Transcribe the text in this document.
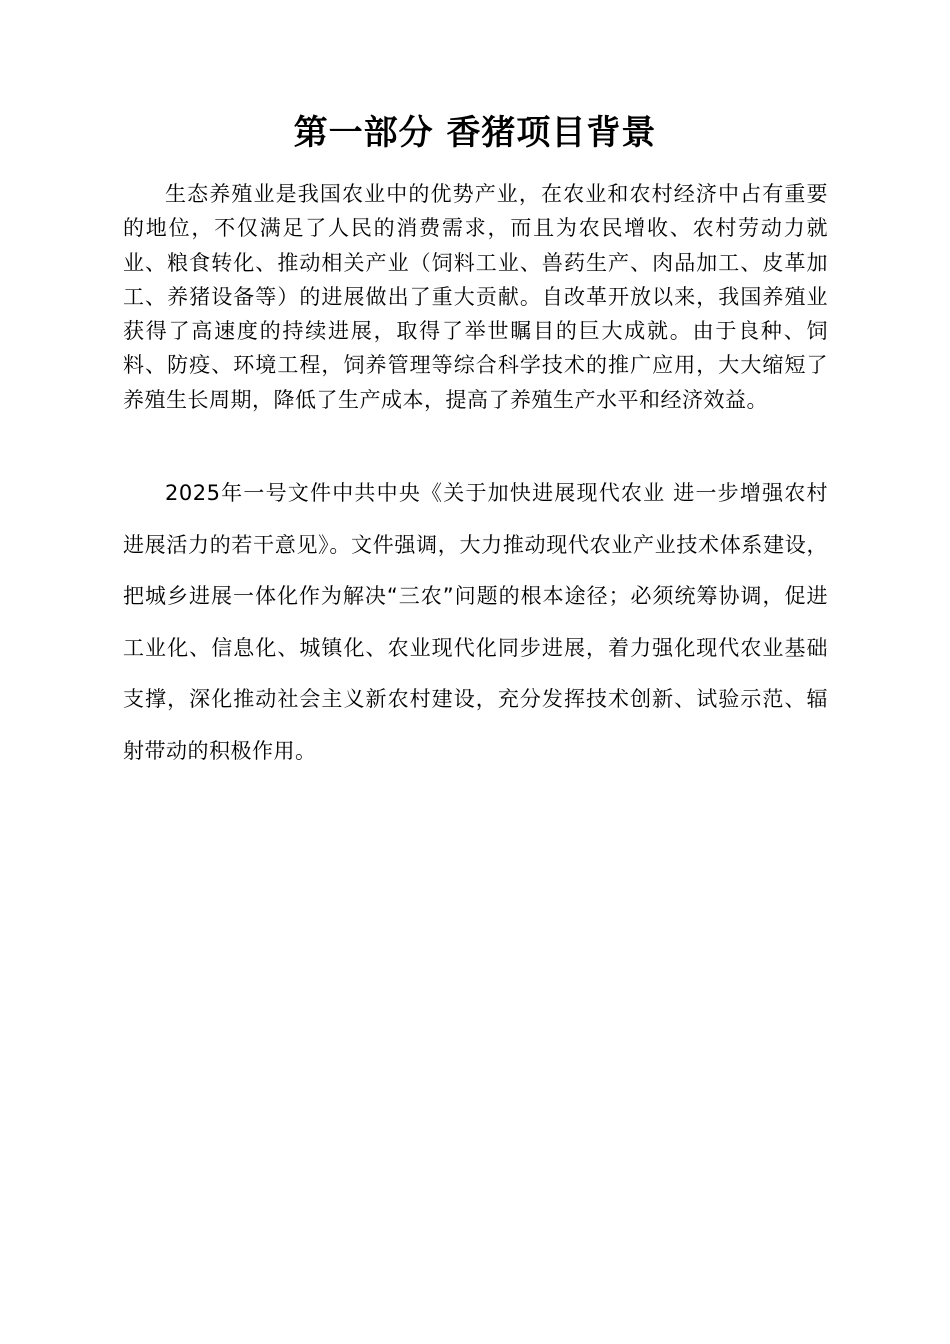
第一部分 香猪项目背景

生态养殖业是我国农业中的优势产业，在农业和农村经济中占有重要的地位，不仅满足了人民的消费需求，而且为农民增收、农村劳动力就业、粮食转化、推动相关产业（饲料工业、兽药生产、肉品加工、皮革加工、养猪设备等）的进展做出了重大贡献。自改革开放以来，我国养殖业获得了高速度的持续进展，取得了举世瞩目的巨大成就。由于良种、饲料、防疫、环境工程，饲养管理等综合科学技术的推广应用，大大缩短了养殖生长周期，降低了生产成本，提高了养殖生产水平和经济效益。

2025年一号文件中共中央《关于加快进展现代农业 进一步增强农村进展活力的若干意见》。文件强调，大力推动现代农业产业技术体系建设，把城乡进展一体化作为解决“三农”问题的根本途径；必须统筹协调，促进工业化、信息化、城镇化、农业现代化同步进展，着力强化现代农业基础支撑，深化推动社会主义新农村建设，充分发挥技术创新、试验示范、辐射带动的积极作用。
